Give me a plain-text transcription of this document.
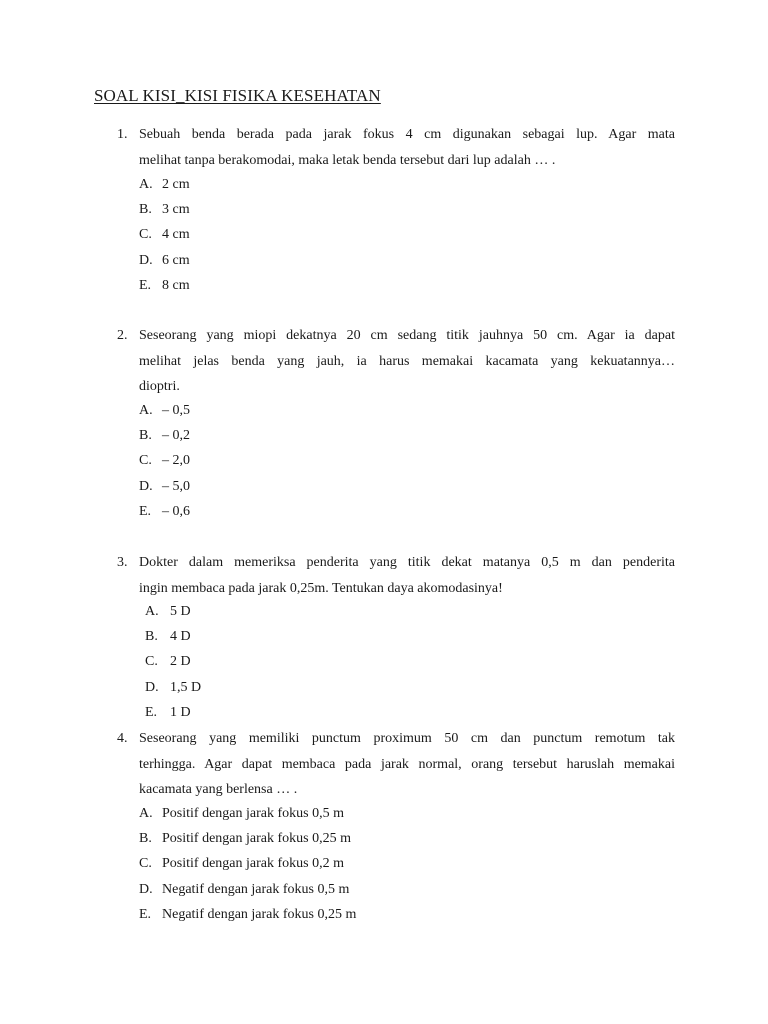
SOAL KISI_KISI FISIKA KESEHATAN
1. Sebuah benda berada pada jarak fokus 4 cm digunakan sebagai lup. Agar mata
melihat tanpa berakomodai, maka letak benda tersebut dari lup adalah … .
A. 2 cm
B. 3 cm
C. 4 cm
D. 6 cm
E. 8 cm
2. Seseorang yang miopi dekatnya 20 cm sedang titik jauhnya 50 cm. Agar ia dapat
melihat jelas benda yang jauh, ia harus memakai kacamata yang kekuatannya…
dioptri.
A. – 0,5
B. – 0,2
C. – 2,0
D. – 5,0
E. – 0,6
3. Dokter dalam memeriksa penderita yang titik dekat matanya 0,5 m dan penderita
ingin membaca pada jarak 0,25m. Tentukan daya akomodasinya!
A. 5 D
B. 4 D
C. 2 D
D. 1,5 D
E. 1 D
4. Seseorang yang memiliki punctum proximum 50 cm dan punctum remotum tak
terhingga. Agar dapat membaca pada jarak normal, orang tersebut haruslah memakai
kacamata yang berlensa … .
A. Positif dengan jarak fokus 0,5 m
B. Positif dengan jarak fokus 0,25 m
C. Positif dengan jarak fokus 0,2 m
D. Negatif dengan jarak fokus 0,5 m
E. Negatif dengan jarak fokus 0,25 m
